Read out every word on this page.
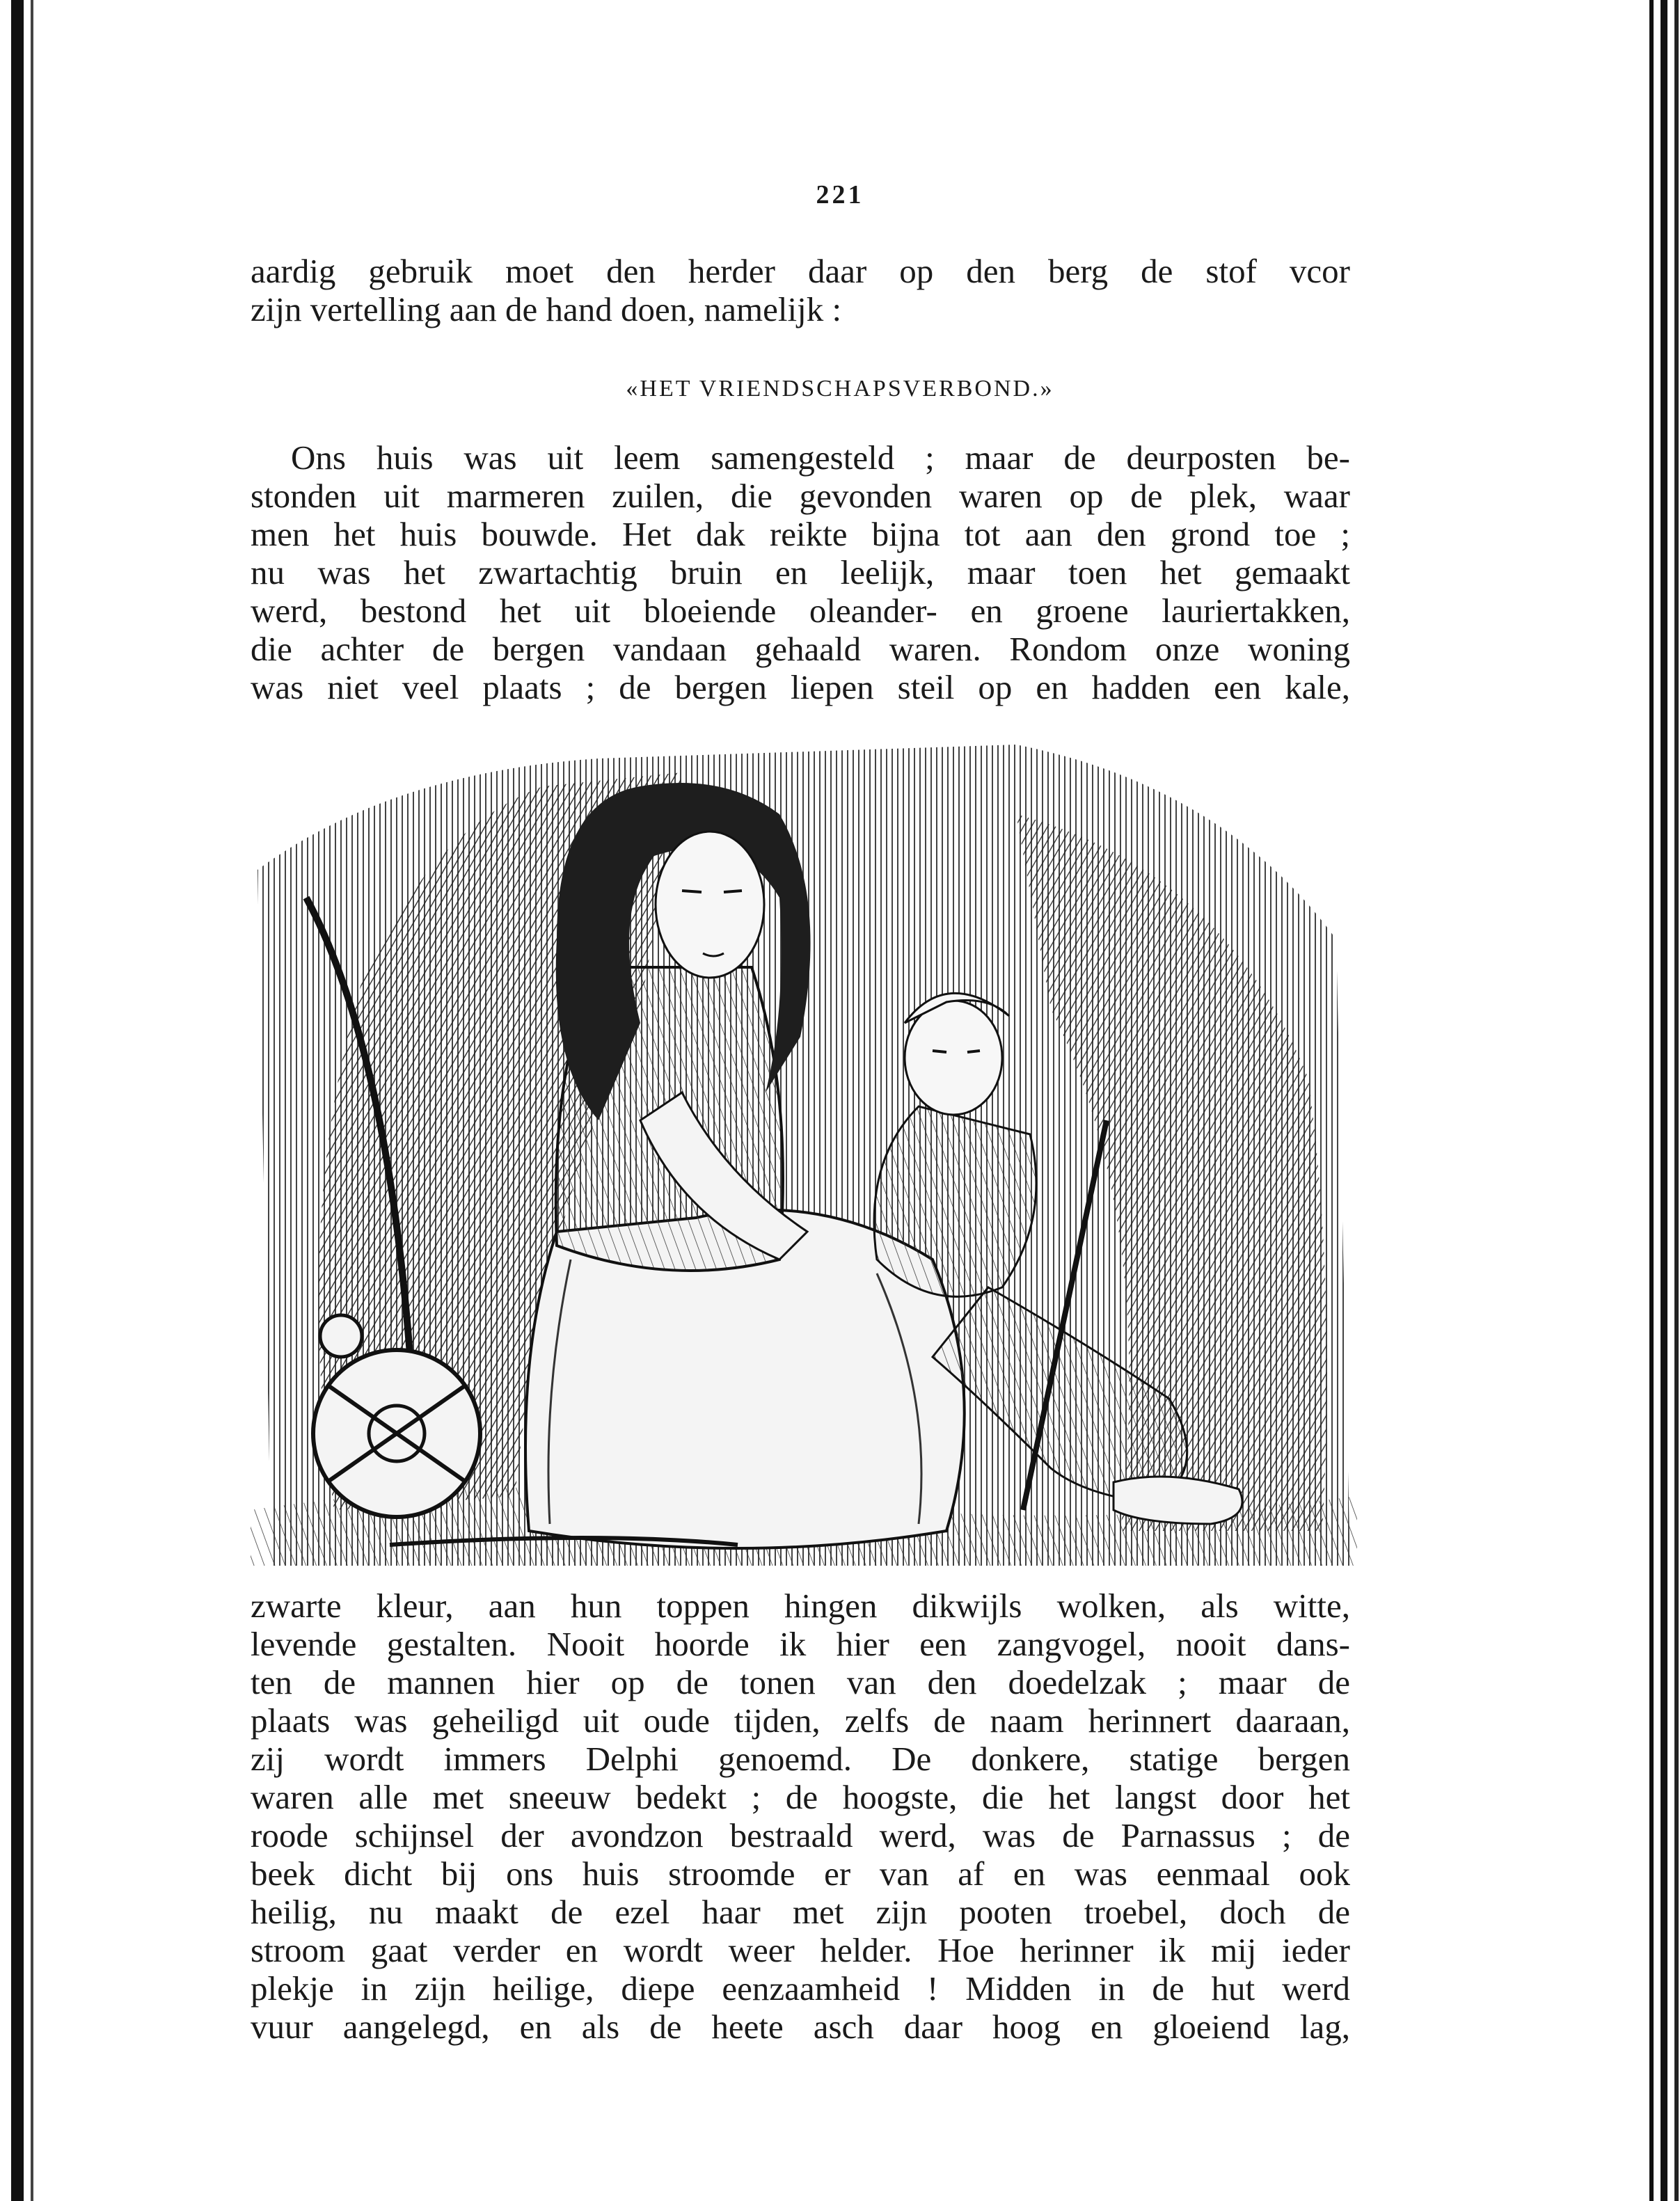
221
aardig gebruik moet den herder daar op den berg de stof vcor
zijn vertelling aan de hand doen, namelijk :
«HET VRIENDSCHAPSVERBOND.»
Ons huis was uit leem samengesteld ; maar de deurposten be-
stonden uit marmeren zuilen, die gevonden waren op de plek, waar
men het huis bouwde. Het dak reikte bijna tot aan den grond toe ;
nu was het zwartachtig bruin en leelijk, maar toen het gemaakt
werd, bestond het uit bloeiende oleander- en groene lauriertakken,
die achter de bergen vandaan gehaald waren. Rondom onze woning
was niet veel plaats ; de bergen liepen steil op en hadden een kale,
zwarte kleur, aan hun toppen hingen dikwijls wolken, als witte,
levende gestalten. Nooit hoorde ik hier een zangvogel, nooit dans-
ten de mannen hier op de tonen van den doedelzak ; maar de
plaats was geheiligd uit oude tijden, zelfs de naam herinnert daaraan,
zij wordt immers Delphi genoemd. De donkere, statige bergen
waren alle met sneeuw bedekt ; de hoogste, die het langst door het
roode schijnsel der avondzon bestraald werd, was de Parnassus ; de
beek dicht bij ons huis stroomde er van af en was eenmaal ook
heilig, nu maakt de ezel haar met zijn pooten troebel, doch de
stroom gaat verder en wordt weer helder. Hoe herinner ik mij ieder
plekje in zijn heilige, diepe eenzaamheid ! Midden in de hut werd
vuur aangelegd, en als de heete asch daar hoog en gloeiend lag,
